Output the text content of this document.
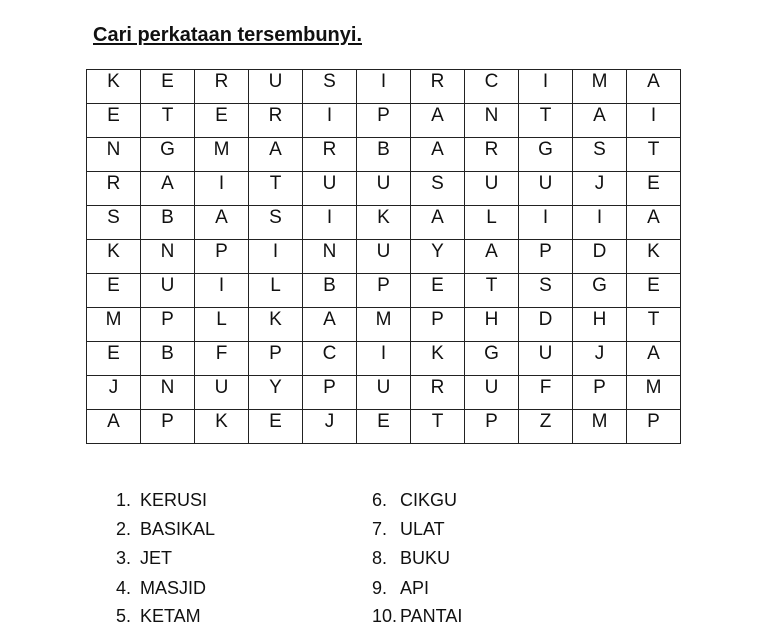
Cari perkataan tersembunyi.
K	E	R	U	S	I	R	C	I	M	A
E	T	E	R	I	P	A	N	T	A	I
N	G	M	A	R	B	A	R	G	S	T
R	A	I	T	U	U	S	U	U	J	E
S	B	A	S	I	K	A	L	I	I	A
K	N	P	I	N	U	Y	A	P	D	K
E	U	I	L	B	P	E	T	S	G	E
M	P	L	K	A	M	P	H	D	H	T
E	B	F	P	C	I	K	G	U	J	A
J	N	U	Y	P	U	R	U	F	P	M
A	P	K	E	J	E	T	P	Z	M	P
1. KERUSI
2. BASIKAL
3. JET
4. MASJID
5. KETAM
6. CIKGU
7. ULAT
8. BUKU
9. API
10. PANTAI
